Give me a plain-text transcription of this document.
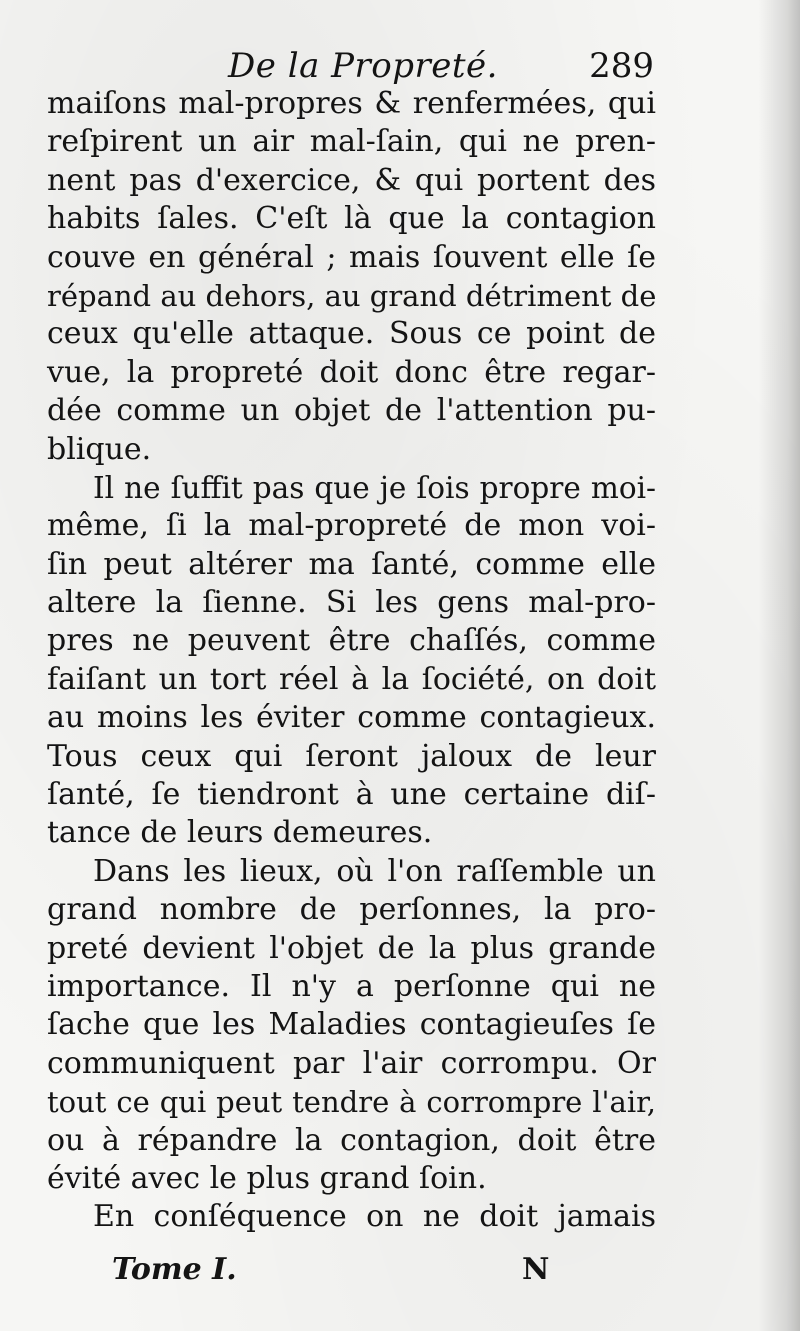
De la Propreté.	289
maiſons mal-propres & renfermées, qui
reſpirent un air mal-ſain, qui ne pren-
nent pas d'exercice, & qui portent des
habits ſales. C'eſt là que la contagion
couve en général ; mais ſouvent elle ſe
répand au dehors, au grand détriment de
ceux qu'elle attaque. Sous ce point de
vue, la propreté doit donc être regar-
dée comme un objet de l'attention pu-
blique.
Il ne ſuffit pas que je ſois propre moi-
même, ſi la mal-propreté de mon voi-
ſin peut altérer ma ſanté, comme elle
altere la ſienne. Si les gens mal-pro-
pres ne peuvent être chaſſés, comme
faiſant un tort réel à la ſociété, on doit
au moins les éviter comme contagieux.
Tous ceux qui ſeront jaloux de leur
ſanté, ſe tiendront à une certaine diſ-
tance de leurs demeures.
Dans les lieux, où l'on raſſemble un
grand nombre de perſonnes, la pro-
preté devient l'objet de la plus grande
importance. Il n'y a perſonne qui ne
ſache que les Maladies contagieuſes ſe
communiquent par l'air corrompu. Or
tout ce qui peut tendre à corrompre l'air,
ou à répandre la contagion, doit être
évité avec le plus grand ſoin.
En conſéquence on ne doit jamais
Tome I.	N
